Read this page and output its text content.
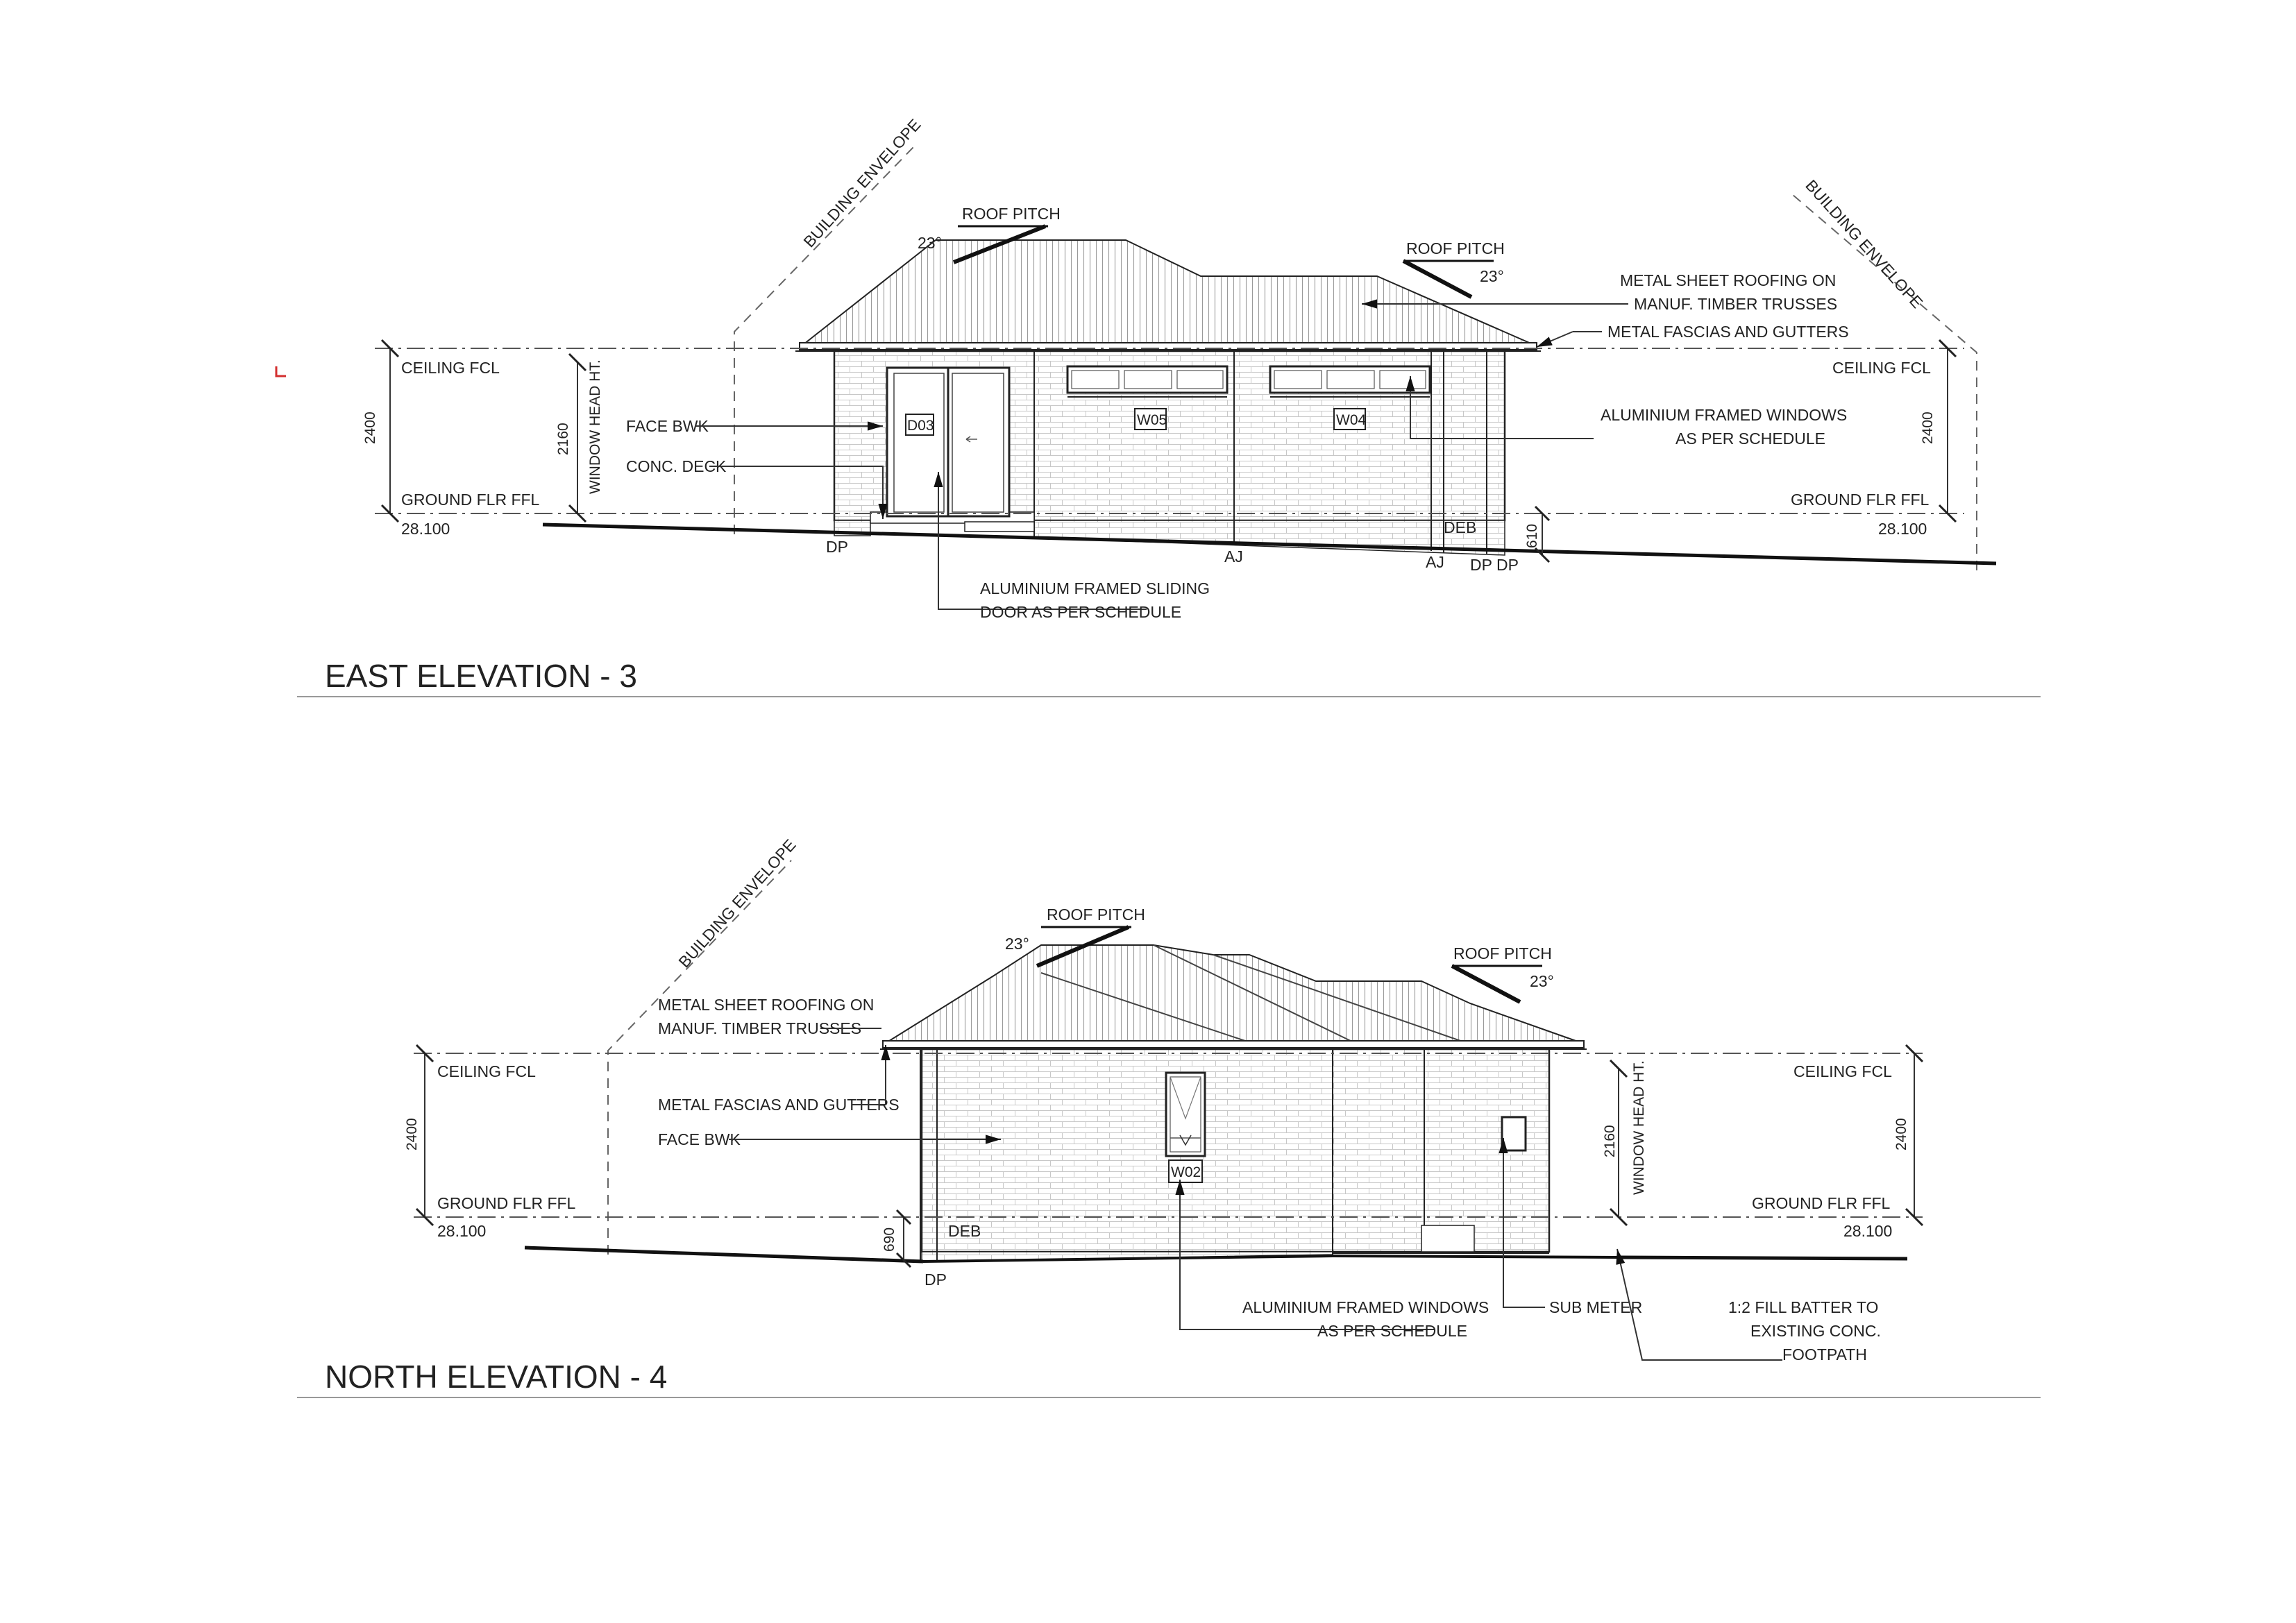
BUILDING ENVELOPE	BUILDING ENVELOPE
D03	W05	W04
2400	2400
2160 WINDOW HEAD HT.
610
CEILING FCL
GROUND FLR FFL
28.100
CEILING FCL
GROUND FLR FFL
28.100
ROOF PITCH
23°	ROOF PITCH
23°	METAL SHEET ROOFING ON
MANUF. TIMBER TRUSSES
METAL FASCIAS AND GUTTERS
ALUMINIUM FRAMED WINDOWS
AS PER SCHEDULE
FACE BWK
CONC. DECK
ALUMINIUM FRAMED SLIDING
DOOR AS PER SCHEDULE
DEB
DP
AJ	AJ DP DP
EAST ELEVATION - 3
BUILDING ENVELOPE
W02
2400	2400
2160 WINDOW HEAD HT.
690
CEILING FCL
GROUND FLR FFL
28.100
CEILING FCL
GROUND FLR FFL
28.100
ROOF PITCH
23°
ROOF PITCH
23°
METAL SHEET ROOFING ON
MANUF. TIMBER TRUSSES
METAL FASCIAS AND GUTTERS
FACE BWK
ALUMINIUM FRAMED WINDOWS
AS PER SCHEDULE
SUB METER	1:2 FILL BATTER TO
EXISTING CONC.
FOOTPATH
DEB
DP
NORTH ELEVATION - 4
